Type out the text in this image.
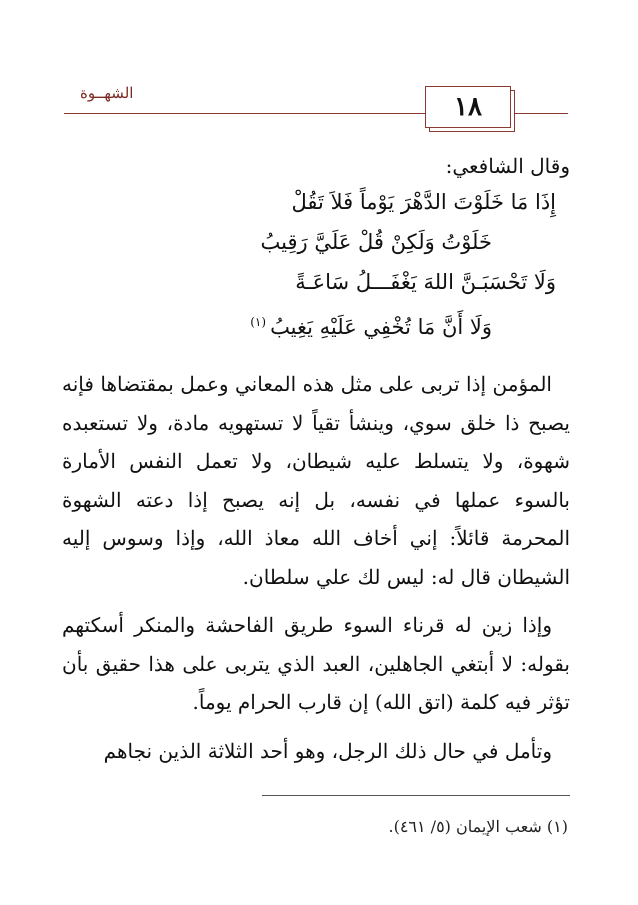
الشهــوة	١٨

وقال الشافعي:

إِذَا مَا خَلَوْتَ الدَّهْرَ يَوْماً فَلاَ تَقُلْ
خَلَوْتُ وَلَكِنْ قُلْ عَلَيَّ رَقِيبُ
وَلَا تَحْسَبَـنَّ اللهَ يَغْفَـــلُ سَاعَـةً
وَلَا أَنَّ مَا تُخْفِي عَلَيْهِ يَغِيبُ$^{(١)}$

المؤمن إذا تربى على مثل هذه المعاني وعمل بمقتضاها فإنه يصبح ذا خلق سوي، وينشأ تقياً لا تستهويه مادة، ولا تستعبده شهوة، ولا يتسلط عليه شيطان، ولا تعمل النفس الأمارة بالسوء عملها في نفسه، بل إنه يصبح إذا دعته الشهوة المحرمة قائلاً: إني أخاف الله معاذ الله، وإذا وسوس إليه الشيطان قال له: ليس لك علي سلطان.

وإذا زين له قرناء السوء طريق الفاحشة والمنكر أسكتهم بقوله: لا أبتغي الجاهلين، العبد الذي يتربى على هذا حقيق بأن تؤثر فيه كلمة (اتق الله) إن قارب الحرام يوماً.

وتأمل في حال ذلك الرجل، وهو أحد الثلاثة الذين نجاهم

(١) شعب الإيمان (٥/ ٤٦١).
